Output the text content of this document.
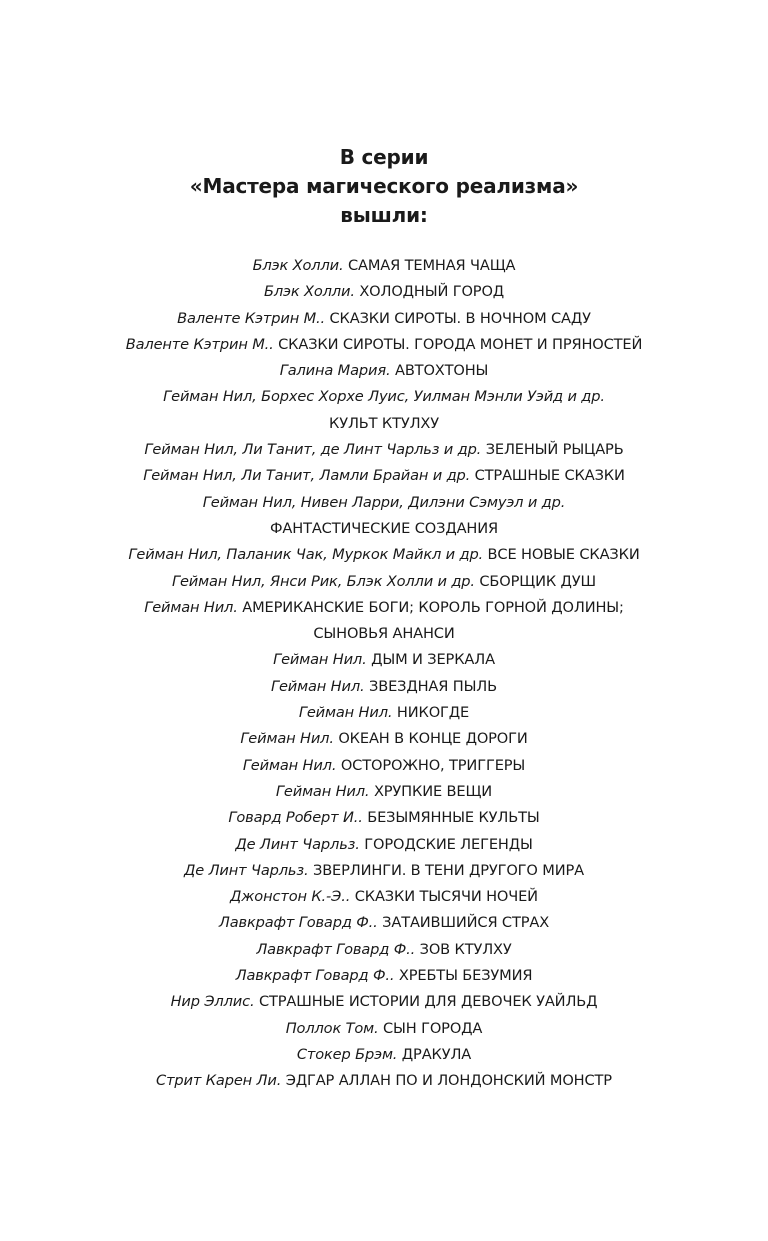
В серии
«Мастера магического реализма»
вышли:
Блэк Холли. САМАЯ ТЕМНАЯ ЧАЩА
Блэк Холли. ХОЛОДНЫЙ ГОРОД
Валенте Кэтрин М.. СКАЗКИ СИРОТЫ. В НОЧНОМ САДУ
Валенте Кэтрин М.. СКАЗКИ СИРОТЫ. ГОРОДА МОНЕТ И ПРЯНОСТЕЙ
Галина Мария. АВТОХТОНЫ
Гейман Нил, Борхес Хорхе Луис, Уилман Мэнли Уэйд и др.
КУЛЬТ КТУЛХУ
Гейман Нил, Ли Танит, де Линт Чарльз и др. ЗЕЛЕНЫЙ РЫЦАРЬ
Гейман Нил, Ли Танит, Ламли Брайан и др. СТРАШНЫЕ СКАЗКИ
Гейман Нил, Нивен Ларри, Дилэни Сэмуэл и др.
ФАНТАСТИЧЕСКИЕ СОЗДАНИЯ
Гейман Нил, Паланик Чак, Муркок Майкл и др. ВСЕ НОВЫЕ СКАЗКИ
Гейман Нил, Янси Рик, Блэк Холли и др. СБОРЩИК ДУШ
Гейман Нил. АМЕРИКАНСКИЕ БОГИ; КОРОЛЬ ГОРНОЙ ДОЛИНЫ;
СЫНОВЬЯ АНАНСИ
Гейман Нил. ДЫМ И ЗЕРКАЛА
Гейман Нил. ЗВЕЗДНАЯ ПЫЛЬ
Гейман Нил. НИКОГДЕ
Гейман Нил. ОКЕАН В КОНЦЕ ДОРОГИ
Гейман Нил. ОСТОРОЖНО, ТРИГГЕРЫ
Гейман Нил. ХРУПКИЕ ВЕЩИ
Говард Роберт И.. БЕЗЫМЯННЫЕ КУЛЬТЫ
Де Линт Чарльз. ГОРОДСКИЕ ЛЕГЕНДЫ
Де Линт Чарльз. ЗВЕРЛИНГИ. В ТЕНИ ДРУГОГО МИРА
Джонстон К.-Э.. СКАЗКИ ТЫСЯЧИ НОЧЕЙ
Лавкрафт Говард Ф.. ЗАТАИВШИЙСЯ СТРАХ
Лавкрафт Говард Ф.. ЗОВ КТУЛХУ
Лавкрафт Говард Ф.. ХРЕБТЫ БЕЗУМИЯ
Нир Эллис. СТРАШНЫЕ ИСТОРИИ ДЛЯ ДЕВОЧЕК УАЙЛЬД
Поллок Том. СЫН ГОРОДА
Стокер Брэм. ДРАКУЛА
Стрит Карен Ли. ЭДГАР АЛЛАН ПО И ЛОНДОНСКИЙ МОНСТР
